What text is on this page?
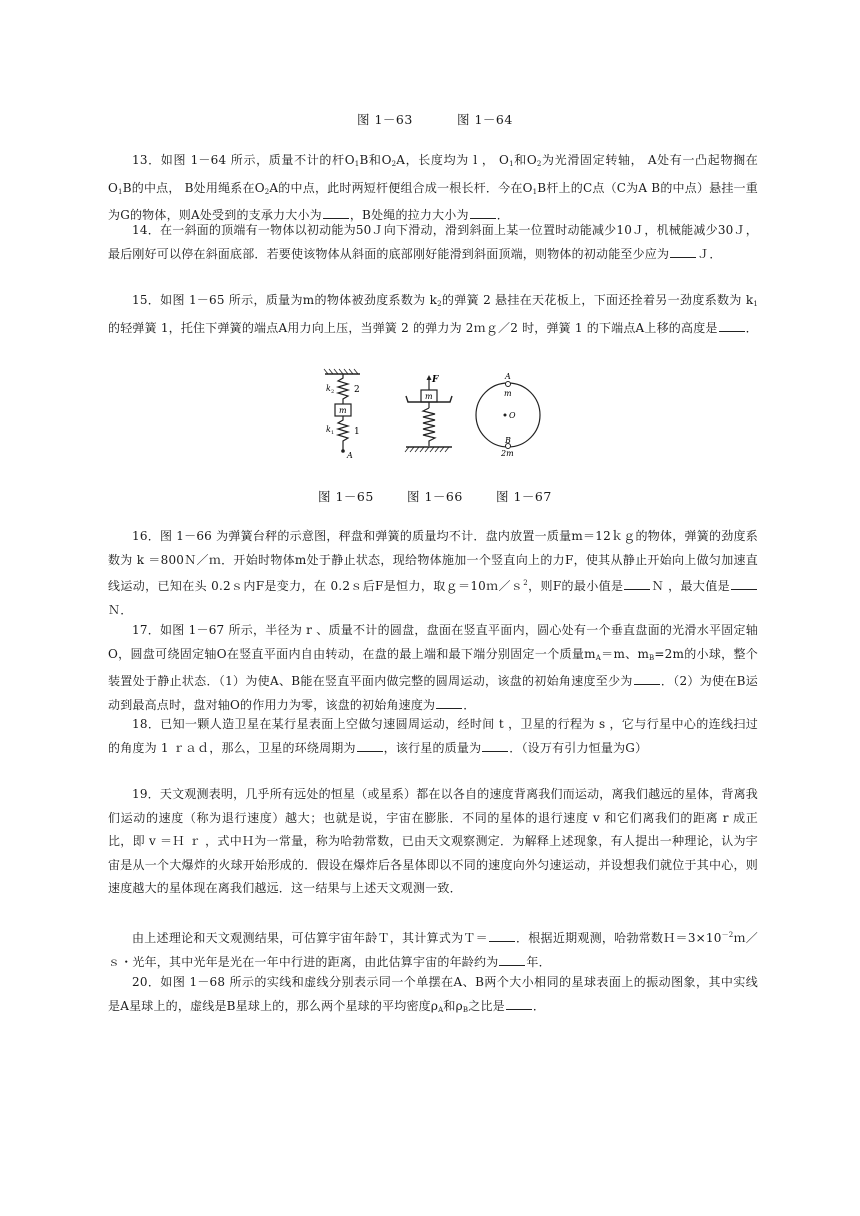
图 1－63	图 1－64
13．如图 1－64 所示，质量不计的杆$O_1B$和$O_2A$，长度均为 l ， $O_1$和$O_2$为光滑固定转轴， A处有一凸起物搁在$O_1B$的中点， B处用绳系在$O_2A$的中点，此时两短杆便组合成一根长杆．今在$O_1B$杆上的C点（C为A B的中点）悬挂一重为G的物体，则A处受到的支承力大小为 ，B处绳的拉力大小为 ．
14．在一斜面的顶端有一物体以初动能为50Ｊ向下滑动，滑到斜面上某一位置时动能减少10Ｊ，机械能减少30Ｊ，最后刚好可以停在斜面底部．若要使该物体从斜面的底部刚好能滑到斜面顶端，则物体的初动能至少应为 Ｊ．
15．如图 1－65 所示，质量为m的物体被劲度系数为 $k_2$的弹簧 2 悬挂在天花板上，下面还拴着另一劲度系数为 $k_1$的轻弹簧 1，托住下弹簧的端点A用力向上压，当弹簧 2 的弹力为 2ｍｇ／2 时，弹簧 1 的下端点A上移的高度是 ．
k 2 2
m
k 1 1
A
F
m
A
m
O
B
2m
图 1－65	图 1－66	图 1－67
16．图 1－66 为弹簧台秤的示意图，秤盘和弹簧的质量均不计．盘内放置一质量m＝12ｋｇ的物体，弹簧的劲度系数为 k ＝800Ｎ／ｍ．开始时物体m处于静止状态，现给物体施加一个竖直向上的力F，使其从静止开始向上做匀加速直线运动，已知在头 0.2ｓ内F是变力，在 0.2ｓ后F是恒力，取ｇ＝10ｍ／ｓ$^2$，则F的最小值是 Ｎ ，最大值是Ｎ．
17．如图 1－67 所示，半径为 r 、质量不计的圆盘，盘面在竖直平面内，圆心处有一个垂直盘面的光滑水平固定轴O，圆盘可绕固定轴O在竖直平面内自由转动，在盘的最上端和最下端分别固定一个质量$m_A=m$、$m_B=2m$的小球，整个装置处于静止状态．（1）为使A、B能在竖直平面内做完整的圆周运动，该盘的初始角速度至少为 ．（2）为使在B运动到最高点时，盘对轴O的作用力为零，该盘的初始角速度为 ．
18．已知一颗人造卫星在某行星表面上空做匀速圆周运动，经时间 t ，卫星的行程为 s ，它与行星中心的连线扫过的角度为 1 ｒａｄ，那么，卫星的环绕周期为 ，该行星的质量为 ．（设万有引力恒量为G）
19．天文观测表明，几乎所有远处的恒星（或星系）都在以各自的速度背离我们而运动，离我们越远的星体，背离我们运动的速度（称为退行速度）越大；也就是说，宇宙在膨胀．不同的星体的退行速度 v 和它们离我们的距离 r 成正比，即 v ＝Ｈ ｒ ，式中Ｈ为一常量，称为哈勃常数，已由天文观察测定．为解释上述现象，有人提出一种理论，认为宇宙是从一个大爆炸的火球开始形成的．假设在爆炸后各星体即以不同的速度向外匀速运动，并设想我们就位于其中心，则速度越大的星体现在离我们越远．这一结果与上述天文观测一致．
由上述理论和天文观测结果，可估算宇宙年龄Ｔ，其计算式为Ｔ＝ ．根据近期观测，哈勃常数$H=3\times 10^{-2}m/s$・光年，其中光年是光在一年中行进的距离，由此估算宇宙的年龄约为 年．
20．如图 1－68 所示的实线和虚线分别表示同一个单摆在A、B两个大小相同的星球表面上的振动图象，其中实线是A星球上的，虚线是B星球上的，那么两个星球的平均密度$\rho_A$和$\rho_B$之比是 ．
